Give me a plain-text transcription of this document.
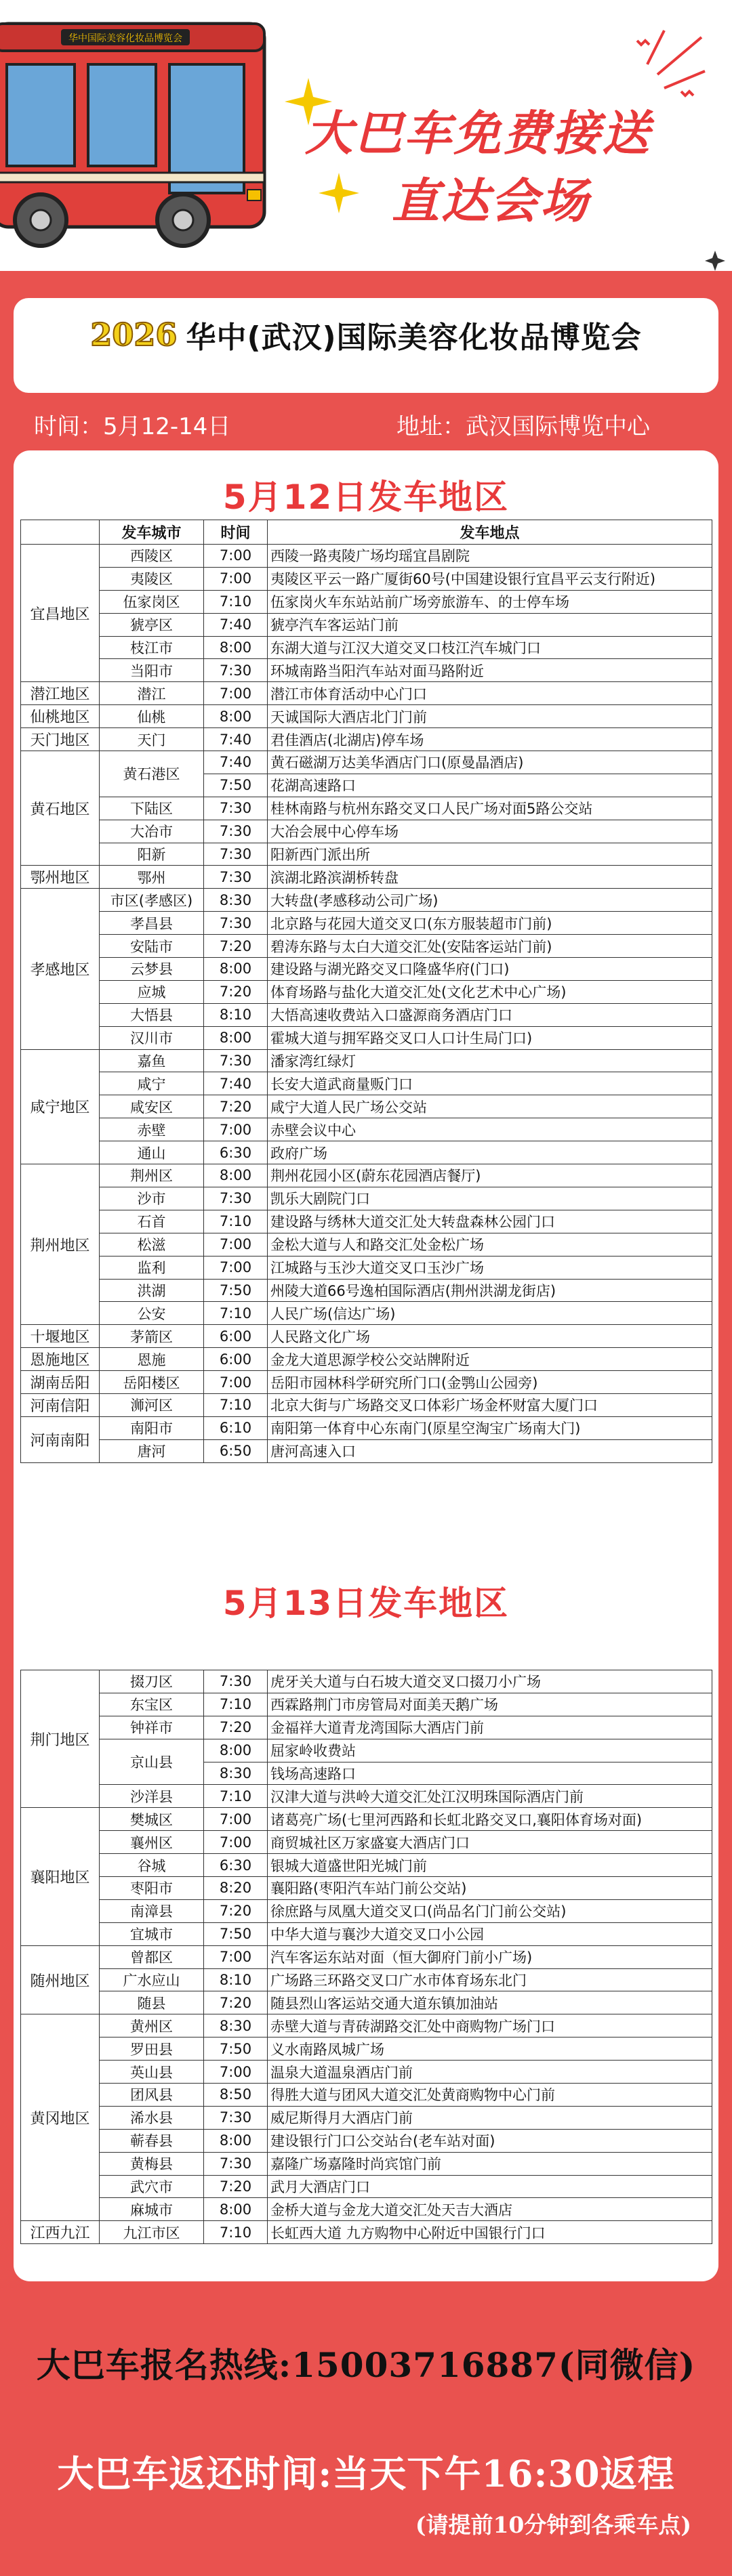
华中国际美容化妆品博览会
大巴车免费接送
直达会场
2026 华中(武汉)国际美容化妆品博览会
时间：5月12-14日	地址：武汉国际博览中心
5月12日发车地区
	发车城市	时间	发车地点
宜昌地区	西陵区	7:00	西陵一路夷陵广场均瑶宜昌剧院
	夷陵区	7:00	夷陵区平云一路广厦街60号(中国建设银行宜昌平云支行附近)
	伍家岗区	7:10	伍家岗火车东站站前广场旁旅游车、的士停车场
	猇亭区	7:40	猇亭汽车客运站门前
	枝江市	8:00	东湖大道与江汉大道交叉口枝江汽车城门口
	当阳市	7:30	环城南路当阳汽车站对面马路附近
潜江地区	潜江	7:00	潜江市体育活动中心门口
仙桃地区	仙桃	8:00	天诚国际大酒店北门门前
天门地区	天门	7:40	君佳酒店(北湖店)停车场
黄石地区	黄石港区	7:40	黄石磁湖万达美华酒店门口(原曼晶酒店)
		7:50	花湖高速路口
	下陆区	7:30	桂林南路与杭州东路交叉口人民广场对面5路公交站
	大冶市	7:30	大冶会展中心停车场
	阳新	7:30	阳新西门派出所
鄂州地区	鄂州	7:30	滨湖北路滨湖桥转盘
孝感地区	市区(孝感区)	8:30	大转盘(孝感移动公司广场)
	孝昌县	7:30	北京路与花园大道交叉口(东方服装超市门前)
	安陆市	7:20	碧涛东路与太白大道交汇处(安陆客运站门前)
	云梦县	8:00	建设路与湖光路交叉口隆盛华府(门口)
	应城	7:20	体育场路与盐化大道交汇处(文化艺术中心广场)
	大悟县	8:10	大悟高速收费站入口盛源商务酒店门口
	汉川市	8:00	霍城大道与拥军路交叉口人口计生局门口)
咸宁地区	嘉鱼	7:30	潘家湾红绿灯
	咸宁	7:40	长安大道武商量贩门口
	咸安区	7:20	咸宁大道人民广场公交站
	赤壁	7:00	赤壁会议中心
	通山	6:30	政府广场
荆州地区	荆州区	8:00	荆州花园小区(蔚东花园酒店餐厅)
	沙市	7:30	凯乐大剧院门口
	石首	7:10	建设路与绣林大道交汇处大转盘森林公园门口
	松滋	7:00	金松大道与人和路交汇处金松广场
	监利	7:00	江城路与玉沙大道交叉口玉沙广场
	洪湖	7:50	州陵大道66号逸柏国际酒店(荆州洪湖龙街店)
	公安	7:10	人民广场(信达广场)
十堰地区	茅箭区	6:00	人民路文化广场
恩施地区	恩施	6:00	金龙大道思源学校公交站牌附近
湖南岳阳	岳阳楼区	7:00	岳阳市园林科学研究所门口(金鹗山公园旁)
河南信阳	浉河区	7:10	北京大街与广场路交叉口体彩广场金杯财富大厦门口
河南南阳	南阳市	6:10	南阳第一体育中心东南门(原星空淘宝广场南大门)
	唐河	6:50	唐河高速入口
5月13日发车地区
荆门地区	掇刀区	7:30	虎牙关大道与白石坡大道交叉口掇刀小广场
	东宝区	7:10	西霖路荆门市房管局对面美天鹅广场
	钟祥市	7:20	金福祥大道青龙湾国际大酒店门前
	京山县	8:00	屈家岭收费站
		8:30	钱场高速路口
	沙洋县	7:10	汉津大道与洪岭大道交汇处江汉明珠国际酒店门前
襄阳地区	樊城区	7:00	诸葛亮广场(七里河西路和长虹北路交叉口,襄阳体育场对面)
	襄州区	7:00	商贸城社区万家盛宴大酒店门口
	谷城	6:30	银城大道盛世阳光城门前
	枣阳市	8:20	襄阳路(枣阳汽车站门前公交站)
	南漳县	7:20	徐庶路与凤凰大道交叉口(尚品名门门前公交站)
	宜城市	7:50	中华大道与襄沙大道交叉口小公园
随州地区	曾都区	7:00	汽车客运东站对面（恒大御府门前小广场)
	广水应山	8:10	广场路三环路交叉口广水市体育场东北门
	随县	7:20	随县烈山客运站交通大道东镇加油站
黄冈地区	黄州区	8:30	赤壁大道与青砖湖路交汇处中商购物广场门口
	罗田县	7:50	义水南路凤城广场
	英山县	7:00	温泉大道温泉酒店门前
	团风县	8:50	得胜大道与团风大道交汇处黄商购物中心门前
	浠水县	7:30	威尼斯得月大酒店门前
	蕲春县	8:00	建设银行门口公交站台(老车站对面)
	黄梅县	7:30	嘉隆广场嘉隆时尚宾馆门前
	武穴市	7:20	武月大酒店门口
	麻城市	8:00	金桥大道与金龙大道交汇处天吉大酒店
江西九江	九江市区	7:10	长虹西大道 九方购物中心附近中国银行门口
大巴车报名热线:15003716887(同微信)
大巴车返还时间:当天下午16:30返程
(请提前10分钟到各乘车点)
